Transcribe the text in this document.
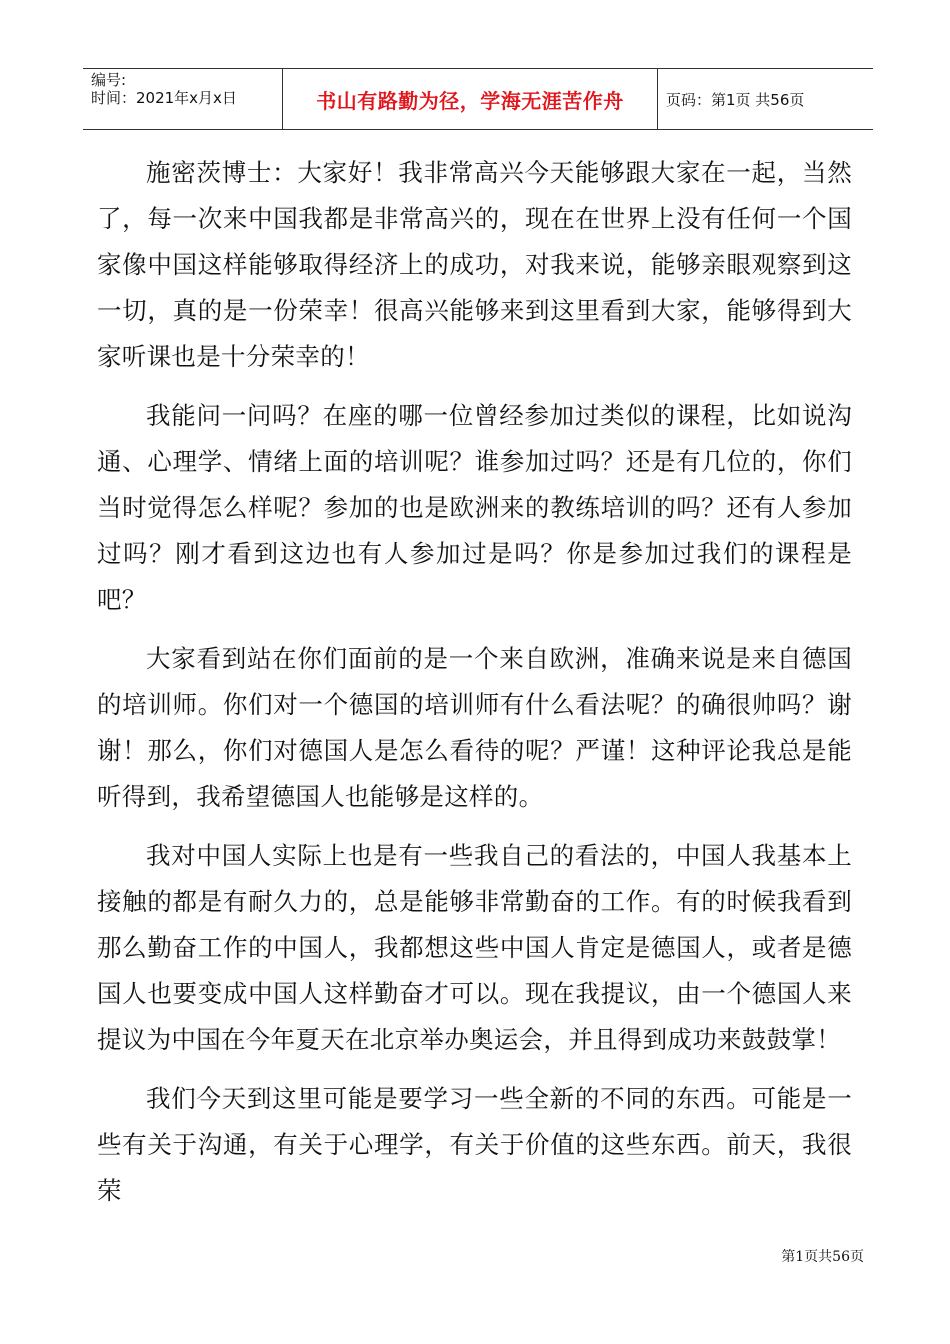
编号:
时间：2021年x月x日	书山有路勤为径，学海无涯苦作舟	页码：第1页 共56页

施密茨博士：大家好！我非常高兴今天能够跟大家在一起，当然了，每一次来中国我都是非常高兴的，现在在世界上没有任何一个国家像中国这样能够取得经济上的成功，对我来说，能够亲眼观察到这一切，真的是一份荣幸！很高兴能够来到这里看到大家，能够得到大家听课也是十分荣幸的！

我能问一问吗？在座的哪一位曾经参加过类似的课程，比如说沟通、心理学、情绪上面的培训呢？谁参加过吗？还是有几位的，你们当时觉得怎么样呢？参加的也是欧洲来的教练培训的吗？还有人参加过吗？刚才看到这边也有人参加过是吗？你是参加过我们的课程是吧？

大家看到站在你们面前的是一个来自欧洲，准确来说是来自德国的培训师。你们对一个德国的培训师有什么看法呢？的确很帅吗？谢谢！那么，你们对德国人是怎么看待的呢？严谨！这种评论我总是能听得到，我希望德国人也能够是这样的。

我对中国人实际上也是有一些我自己的看法的，中国人我基本上接触的都是有耐久力的，总是能够非常勤奋的工作。有的时候我看到那么勤奋工作的中国人，我都想这些中国人肯定是德国人，或者是德国人也要变成中国人这样勤奋才可以。现在我提议，由一个德国人来提议为中国在今年夏天在北京举办奥运会，并且得到成功来鼓鼓掌！

我们今天到这里可能是要学习一些全新的不同的东西。可能是一些有关于沟通，有关于心理学，有关于价值的这些东西。前天，我很荣

第1页共56页
